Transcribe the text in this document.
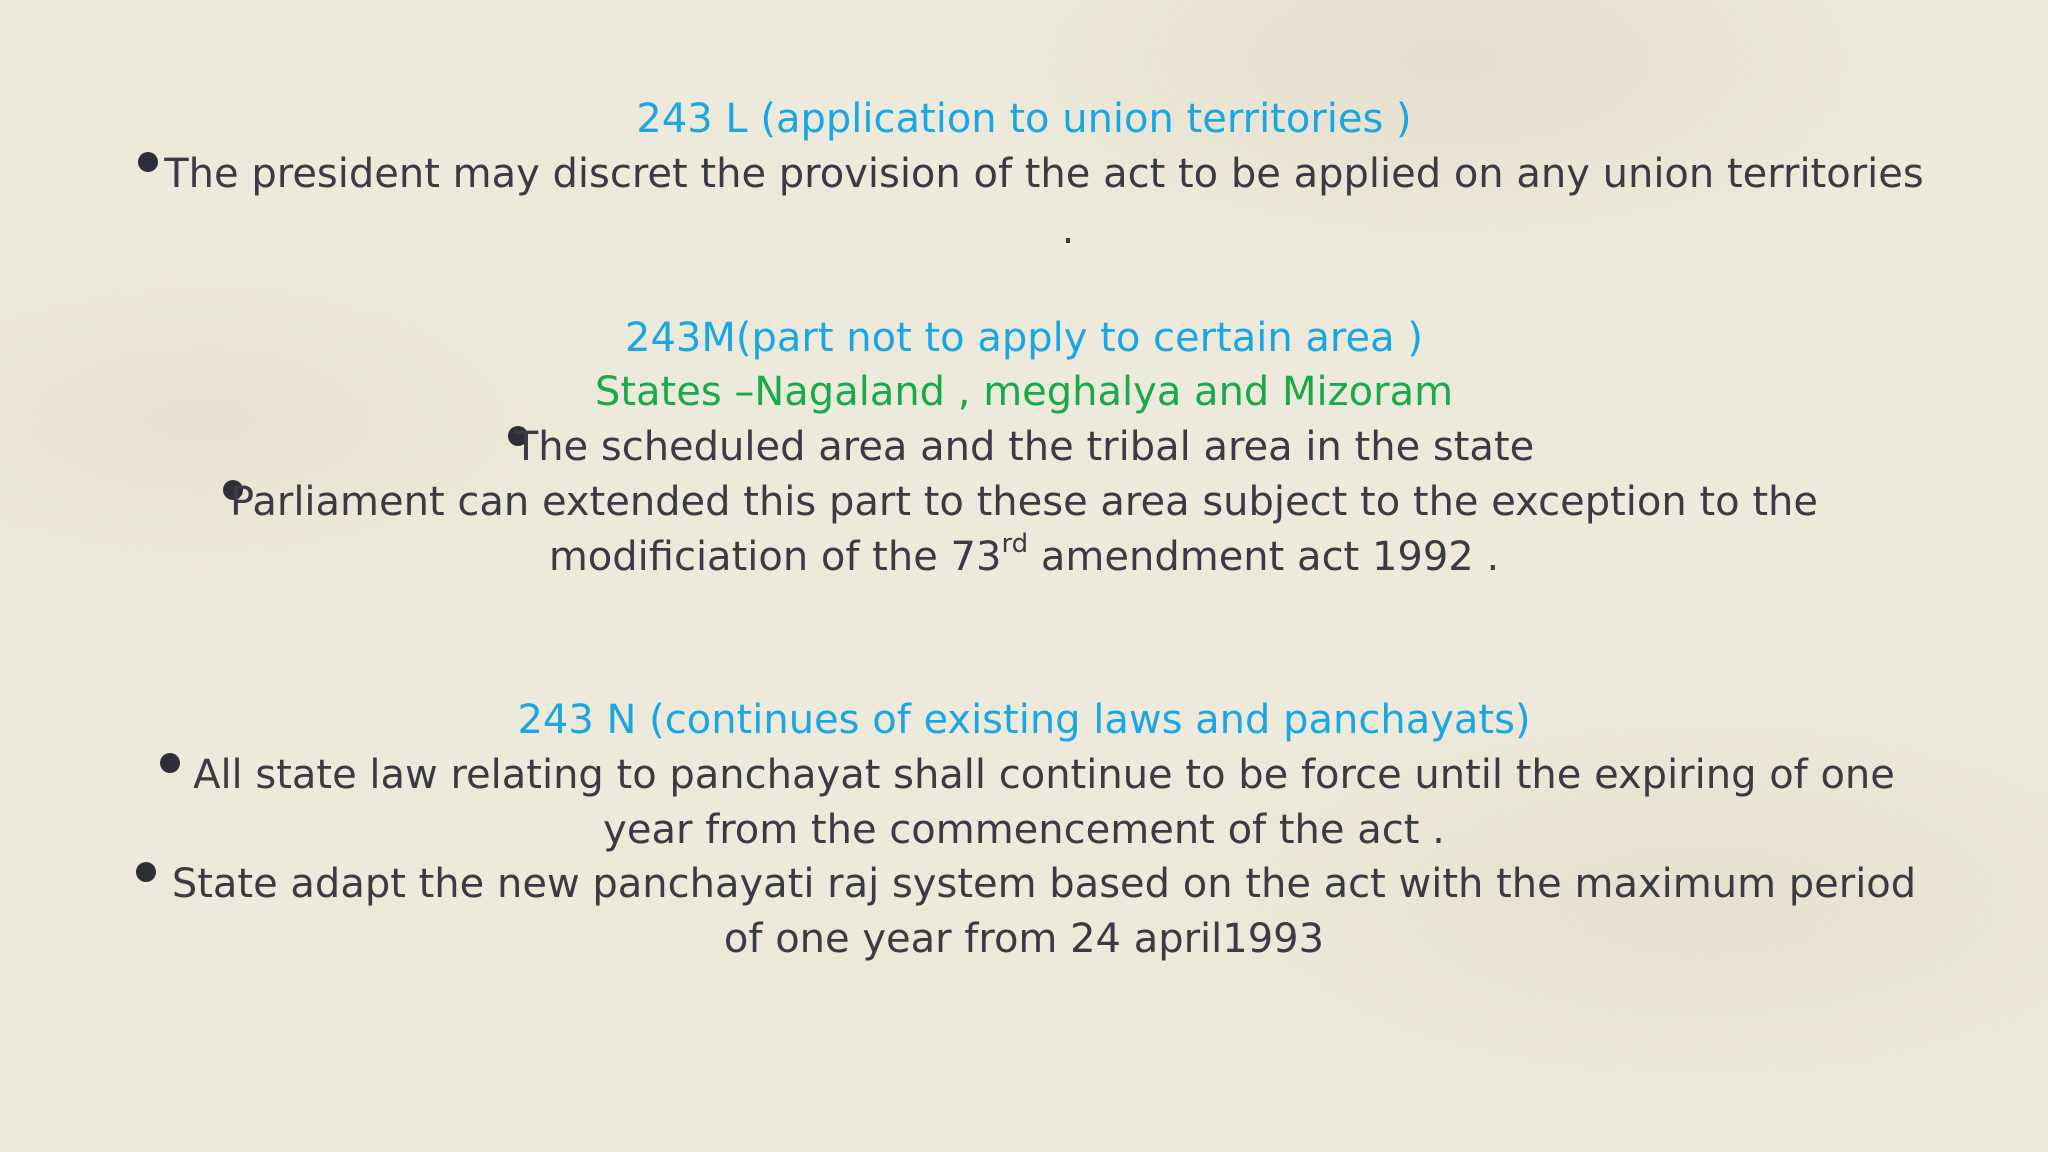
243 L (application to union territories )
The president may discret the provision of the act to be applied on any union territories
.
243M(part not to apply to certain area )
States –Nagaland , meghalya and Mizoram
The scheduled area and the tribal area in the state
Parliament can extended this part to these area subject to the exception to the
modificiation of the 73rd amendment act 1992 .
243 N (continues of existing laws and panchayats)
All state law relating to panchayat shall continue to be force until the expiring of one
year from the commencement of the act .
State adapt the new panchayati raj system based on the act with the maximum period
of one year from 24 april1993
